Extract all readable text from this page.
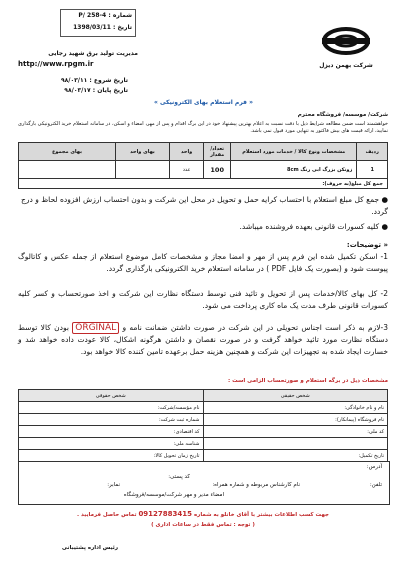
شماره : P/ 258-4
تاریخ : 1398/03/11
شرکت بهمن دیزل
مدیریت تولید برق شهید رجایی
http://www.rpgm.ir
تاریخ شروع : ۹۸/۰۳/۱۱
تاریخ پایان : ۹۸/۰۳/۱۷
« فرم استعلام بهای الکترونیکی »
شرکت/ موسسه/ فروشگاه محترم
خواهشمند است ضمن مطالعه شرایط ذیل با دقت نسبت به اعلام بهترین پیشنهاد خود در این برگ اقدام و پس از مهر، امضاء و اسکن، در سامانه استعلام خرید الکترونیکی بارگذاری نمایید، ارائه قیمت های بیش فاکتور به تنهایی مورد قبول نمی باشد.
ردیف	مشخصات ونوع کالا / خدمات مورد استعلام	تعداد/ مقدار	واحد	بهای واحد	بهای مجموع
1	زونکن بزرگ ابی رنگ 8cm	100	عدد		
جمع کل مبلغ(به حروف):					
● جمع کل مبلغ استعلام با احتساب کرایه حمل و تحویل در محل این شرکت و بدون احتساب ارزش افزوده لحاظ و درج گردد.
● کلیه کسورات قانونی بعهده فروشنده میباشد.
« توضیحات:
1- اسکن تکمیل شده این فرم پس از مهر و امضا مجاز و مشخصات کامل موضوع استعلام از جمله عکس و کاتالوگ پیوست شود و (بصورت یک فایل PDF ) در سامانه استعلام خرید الکترونیکی بارگذاری گردد.
2- کل بهای کالا/خدمات پس از تحویل و تائید فنی توسط دستگاه نظارت این شرکت و اخذ صورتحساب و کسر کلیه کسورات قانونی طرف مدت یک ماه کاری پرداخت می شود.
3-لازم به ذکر است اجناس تحویلی در این شرکت در صورت داشتن ضمانت نامه و ORGINAL بودن کالا توسط دستگاه نظارت مورد تائید خواهد گرفت و در صورت نقصان و داشتن هرگونه اشکال، کالا عودت داده خواهد شد و خسارت ایجاد شده به تجهیزات این شرکت و همچنین هزینه حمل برعهده تامین کننده کالا خواهد بود.
مشخصات ذیل در برگه استعلام و صورتحساب الزامی است :
شخص حقیقی	شخص حقوقی
نام و نام خانوادگی:	نام مؤسسه/شرکت:
نام فروشگاه (پیمانکار):	شماره ثبت شرکت:
کد ملی:	کد اقتصادی:
	شناسه ملی:
تاریخ تکمیل:	تاریخ زمان تحویل کالا:
آدرس:
کد پستی:
تلفن:
نام کارشناس مربوطه و شماره همراه:
نمابر:
امضاء مدیر و مهر شرکت/موسسه/فروشگاه
جهت کسب اطلاعات بیشتر با آقای خانلو به شماره 09127883415 تماس حاصل فرمایید .
( توجه : تماس فقط در ساعات اداری )
رئیس اداره پشتیبانی
